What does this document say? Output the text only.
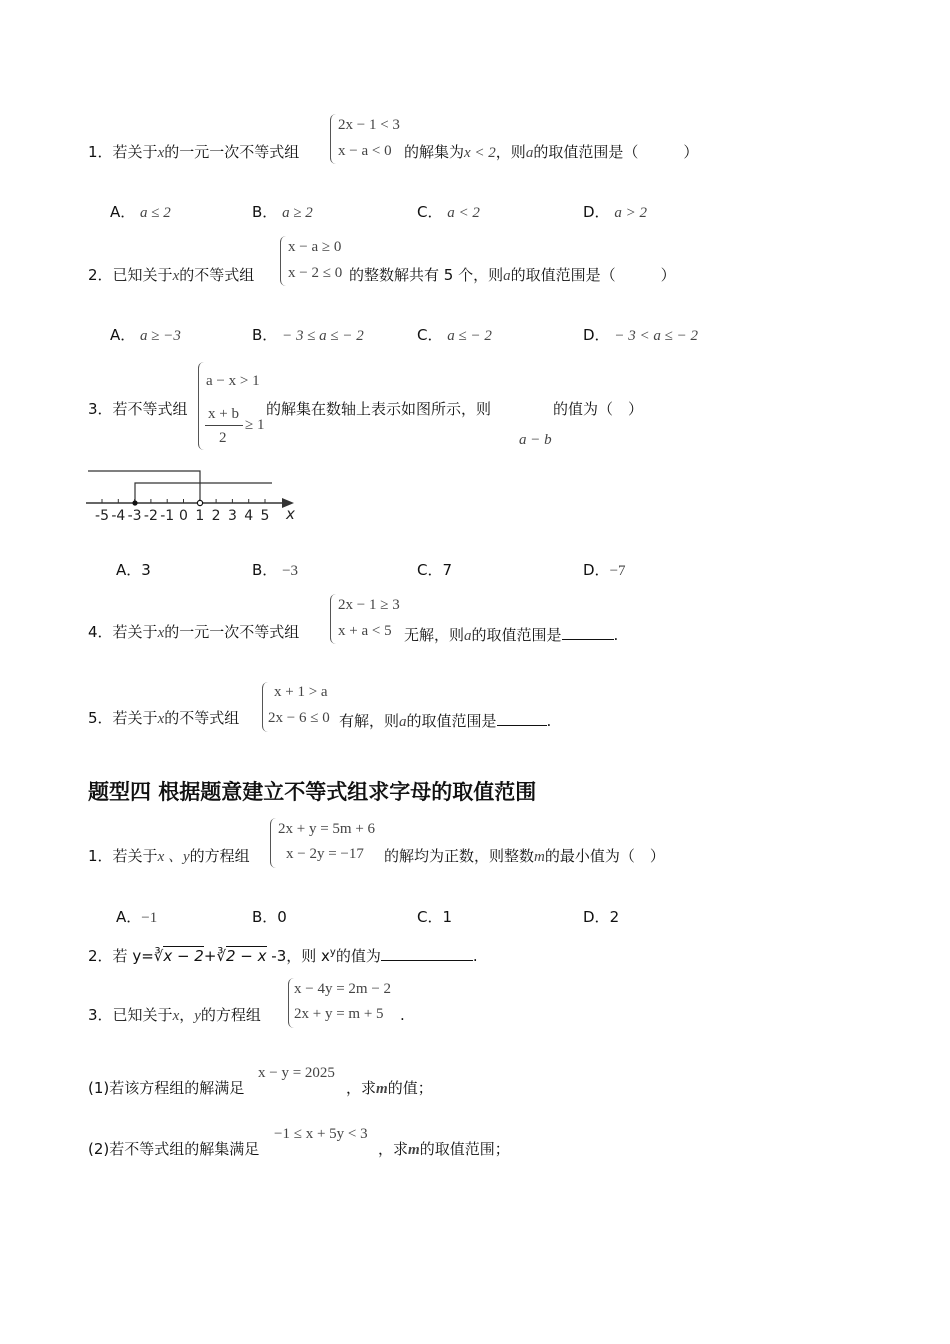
2x − 1 < 3
x − a < 0
1．若关于x的一元一次不等式组	的解集为x < 2，则a的取值范围是（　　　）
A． a ≤ 2	B． a ≥ 2	C． a < 2	D． a > 2
x − a ≥ 0
x − 2 ≤ 0
2．已知关于x的不等式组	的整数解共有 5 个，则a的取值范围是（　　　）
A． a ≥ −3	B． − 3 ≤ a ≤ − 2	C． a ≤ − 2	D． − 3 < a ≤ − 2
a − x > 1
x + b
2
≥ 1
3．若不等式组	的解集在数轴上表示如图所示，则	的值为（　）
a − b
-5 -4 -3 -2 -1 0 1 2 3 4 5 x
A．3	B． −3	C．7	D．−7
2x − 1 ≥ 3
x + a < 5
4．若关于x的一元一次不等式组	无解，则a的取值范围是	.
x + 1 > a
2x − 6 ≤ 0
5．若关于x的不等式组	有解，则a的取值范围是	.
题型四 根据题意建立不等式组求字母的取值范围
2x + y = 5m + 6
x − 2y = −17
1．若关于x 、y的方程组	的解均为正数，则整数m的最小值为（　）
A．−1	B．0	C．1	D．2
2．若 y=∛x − 2+∛2 − x -3，则 $x^y$的值为	.
x − 4y = 2m − 2
2x + y = m + 5
3．已知关于x，y的方程组	.
x − y = 2025
(1)若该方程组的解满足	，求m的值；
−1 ≤ x + 5y < 3
(2)若不等式组的解集满足	，求m的取值范围；
